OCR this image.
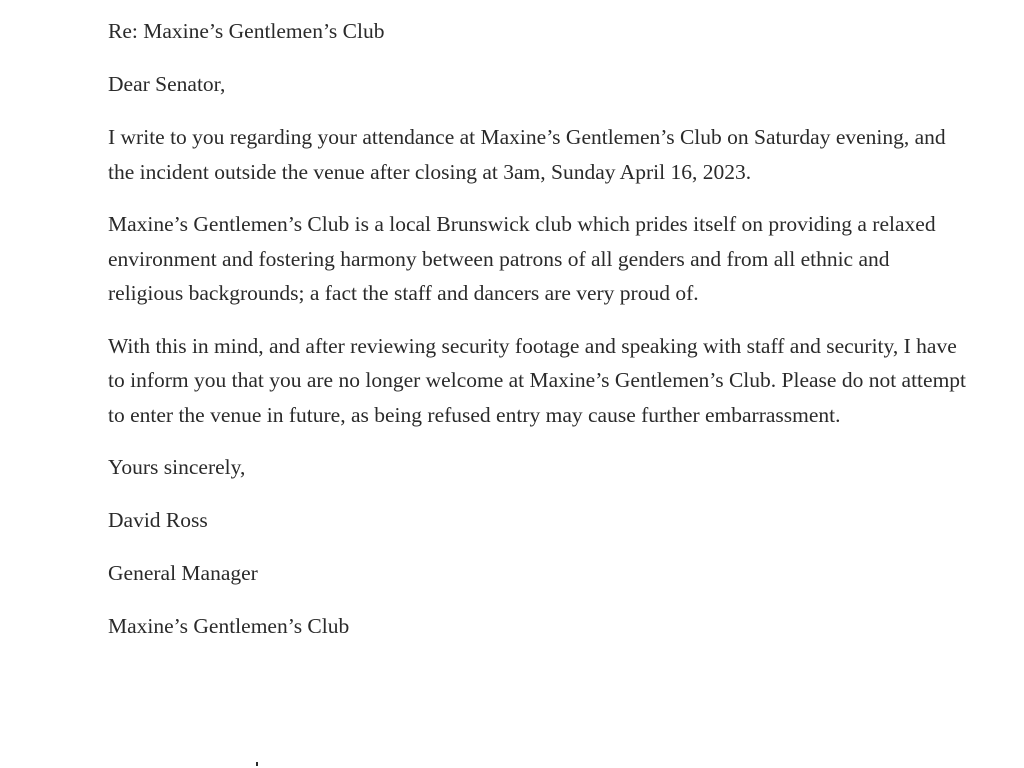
Re: Maxine’s Gentlemen’s Club

Dear Senator,

I write to you regarding your attendance at Maxine’s Gentlemen’s Club on Saturday evening, and the incident outside the venue after closing at 3am, Sunday April 16, 2023.

Maxine’s Gentlemen’s Club is a local Brunswick club which prides itself on providing a relaxed environment and fostering harmony between patrons of all genders and from all ethnic and religious backgrounds; a fact the staff and dancers are very proud of.

With this in mind, and after reviewing security footage and speaking with staff and security, I have to inform you that you are no longer welcome at Maxine’s Gentlemen’s Club. Please do not attempt to enter the venue in future, as being refused entry may cause further embarrassment.

Yours sincerely,

David Ross

General Manager

Maxine’s Gentlemen’s Club
